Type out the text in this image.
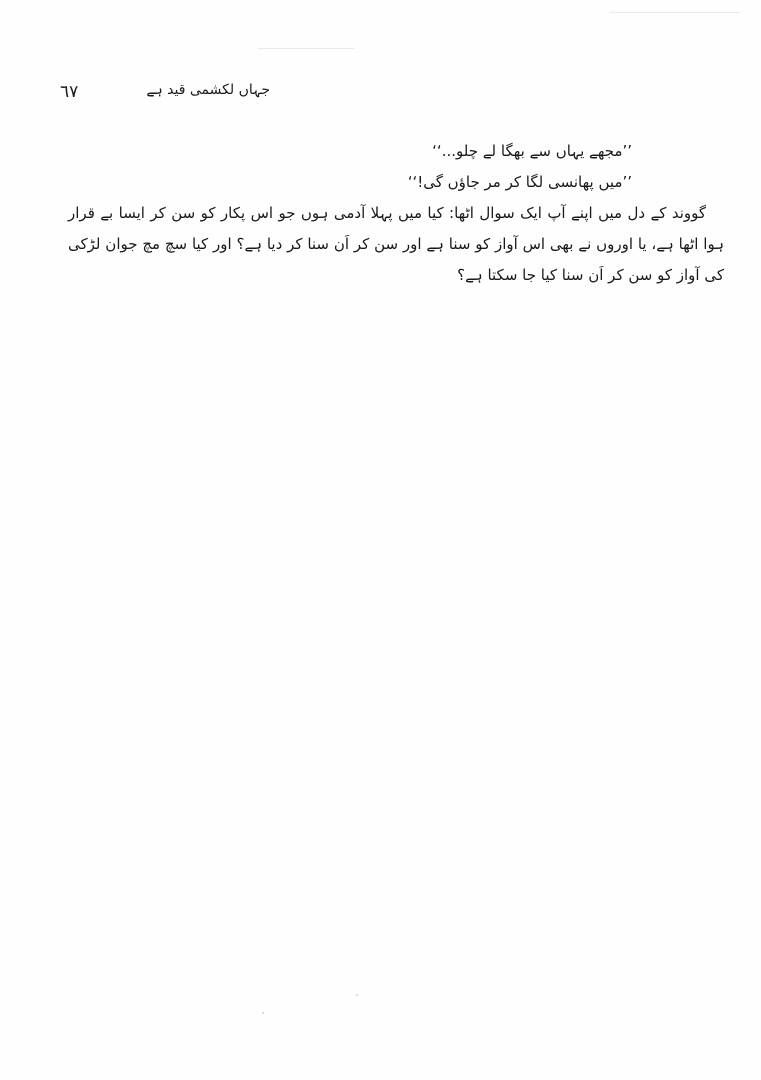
٦٧	جہاں لکشمی قید ہے

’’مجھے یہاں سے بھگا لے چلو...‘‘

’’میں پھانسی لگا کر مر جاؤں گی!‘‘

گووند کے دل میں اپنے آپ ایک سوال اٹھا: کیا میں پہلا آدمی ہوں جو اس پکار کو سن کر ایسا بے قرار ہوا اٹھا ہے، یا اوروں نے بھی اس آواز کو سنا ہے اور سن کر اَن سنا کر دیا ہے؟ اور کیا سچ مچ جوان لڑکی کی آواز کو سن کر اَن سنا کیا جا سکتا ہے؟
